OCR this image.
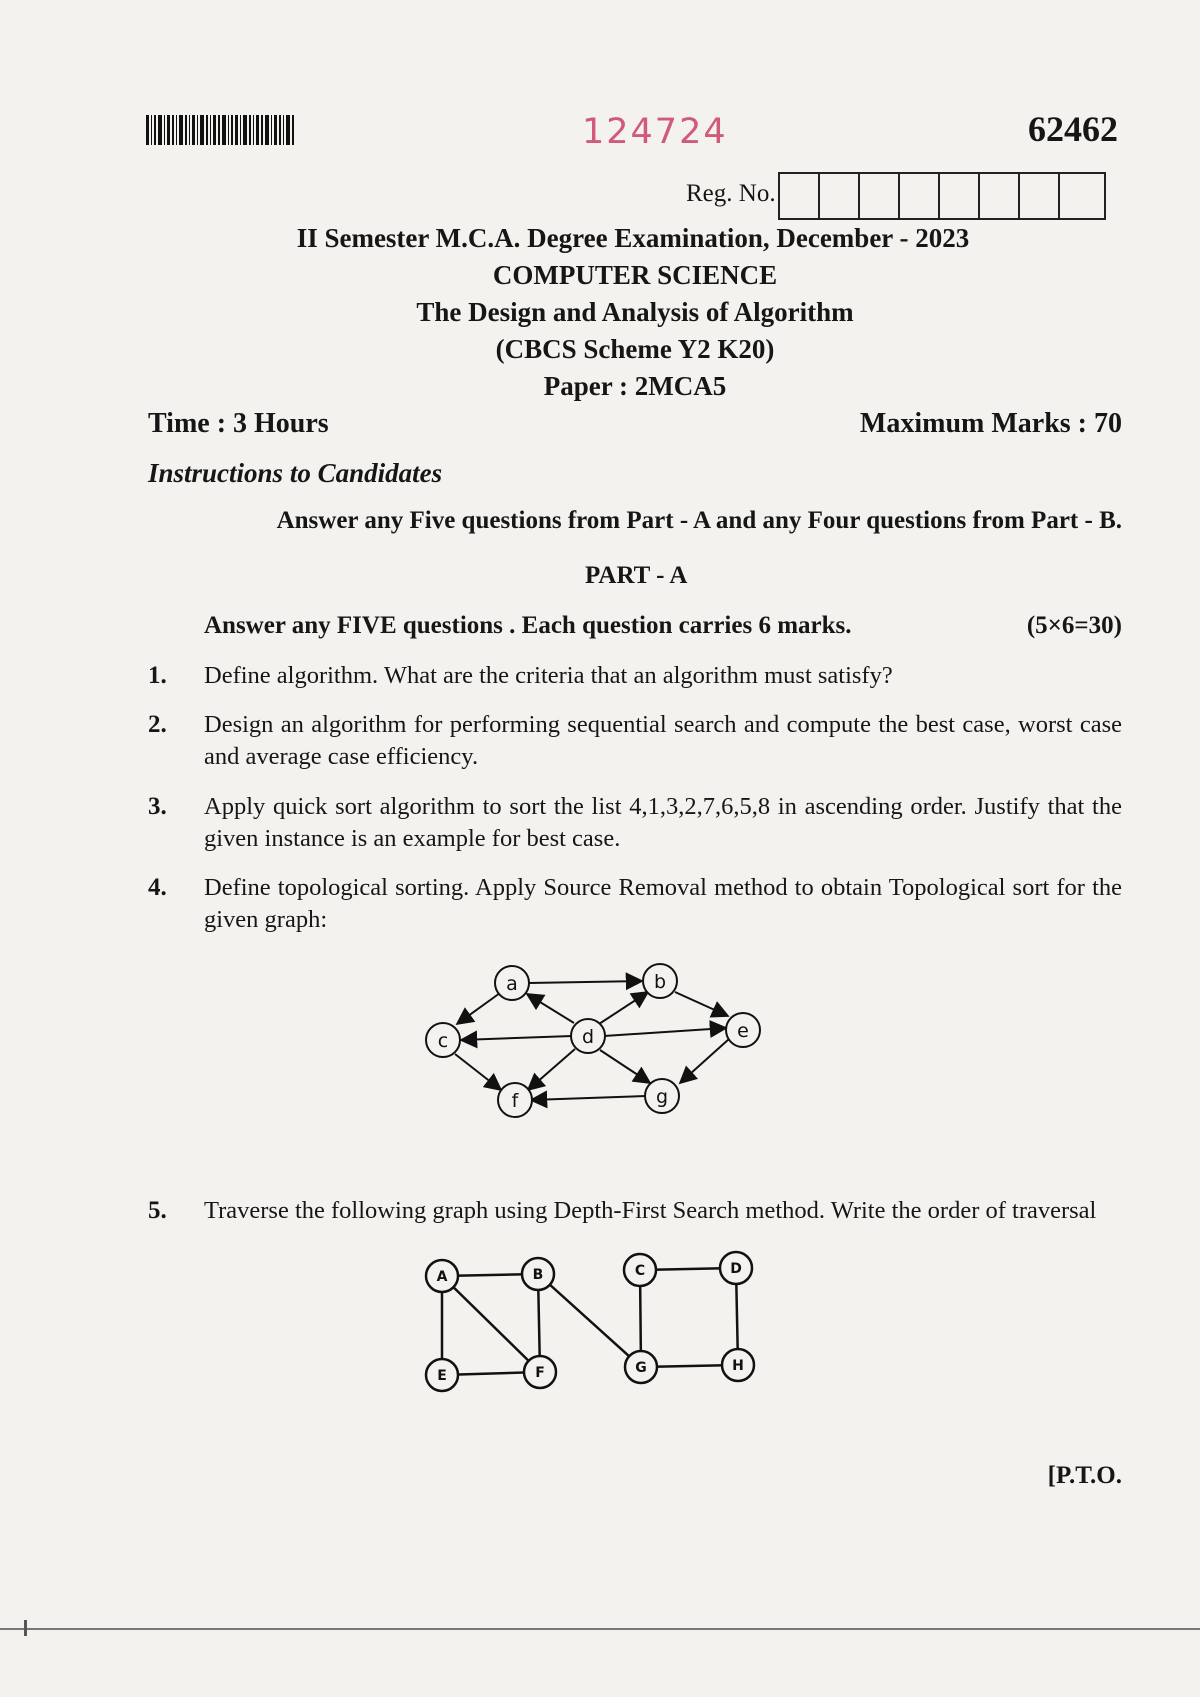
124724	62462
Reg. No.
II Semester M.C.A. Degree Examination, December - 2023
COMPUTER SCIENCE
The Design and Analysis of Algorithm
(CBCS Scheme Y2 K20)
Paper : 2MCA5
Time : 3 Hours	Maximum Marks : 70
Instructions to Candidates
Answer any Five questions from Part - A and any Four questions from Part - B.
PART - A
Answer any FIVE questions . Each question carries 6 marks.	(5×6=30)
1. Define algorithm. What are the criteria that an algorithm must satisfy?
2. Design an algorithm for performing sequential search and compute the best case, worst case and average case efficiency.
3. Apply quick sort algorithm to sort the list 4,1,3,2,7,6,5,8 in ascending order. Justify that the given instance is an example for best case.
4. Define topological sorting. Apply Source Removal method to obtain Topological sort for the given graph:
a	b
c	d	e
f	g
5. Traverse the following graph using Depth-First Search method. Write the order of traversal
A	B	C	D
E	F	G	H
[P.T.O.
